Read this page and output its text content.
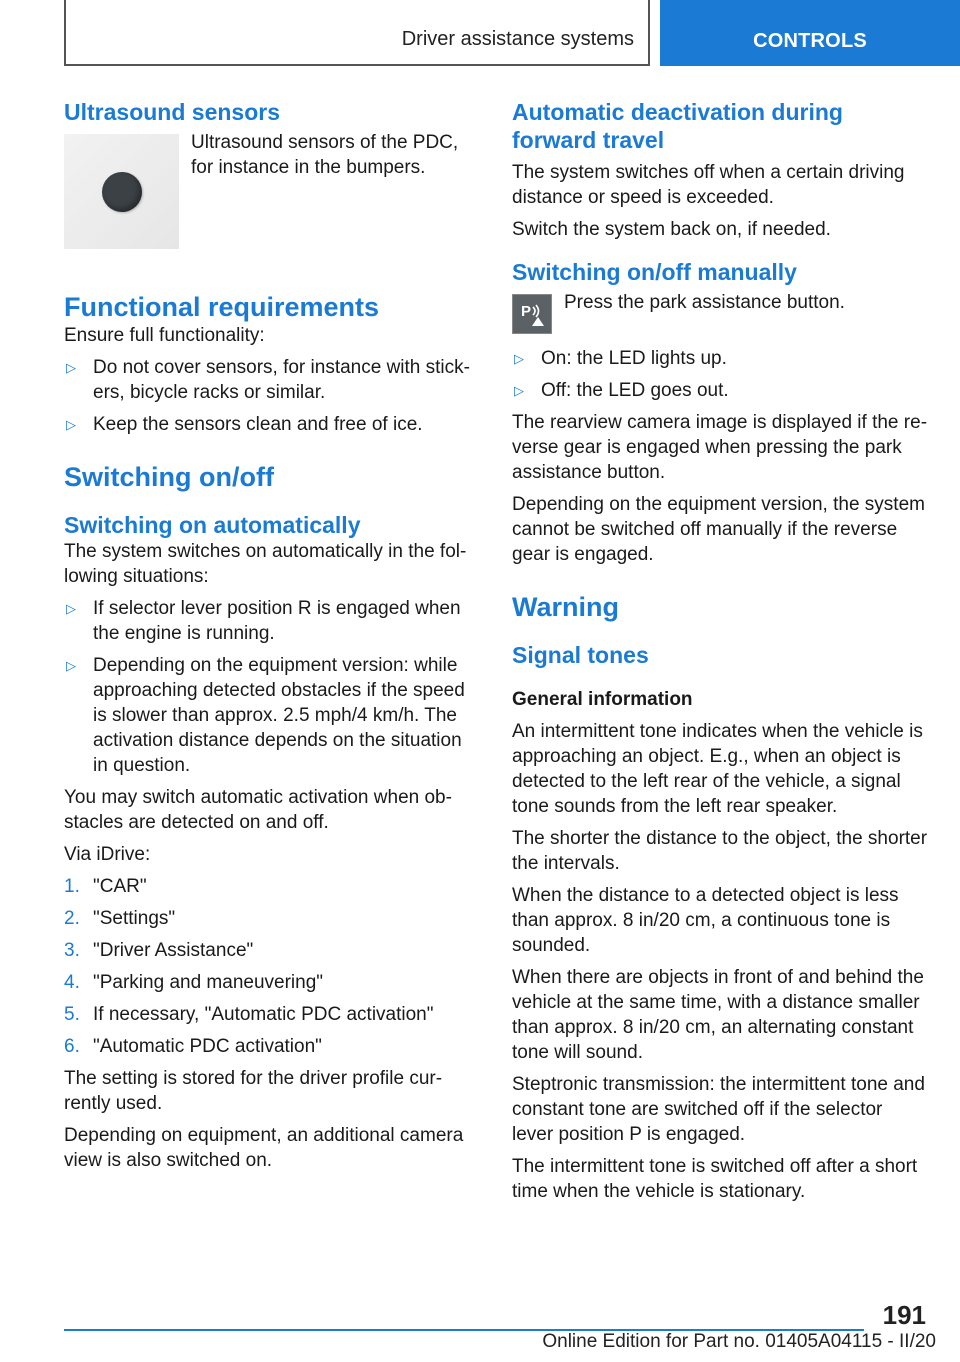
Driver assistance systems	CONTROLS
Ultrasound sensors

Ultrasound sensors of the PDC, for instance in the bumpers.

Functional requirements

Ensure full functionality:

▷ Do not cover sensors, for instance with stickers, bicycle racks or similar.
▷ Keep the sensors clean and free of ice.
Switching on/off
Switching on automatically

The system switches on automatically in the following situations:

▷ If selector lever position R is engaged when the engine is running.
▷ Depending on the equipment version: while approaching detected obstacles if the speed is slower than approx. 2.5 mph/4 km/h. The activation distance depends on the situation in question.

You may switch automatic activation when obstacles are detected on and off.

Via iDrive:

1. "CAR"
2. "Settings"
3. "Driver Assistance"
4. "Parking and maneuvering"
5. If necessary, "Automatic PDC activation"
6. "Automatic PDC activation"

The setting is stored for the driver profile currently used.

Depending on equipment, an additional camera view is also switched on.

Automatic deactivation during forward travel

The system switches off when a certain driving distance or speed is exceeded.

Switch the system back on, if needed.

Switching on/off manually
P Press the park assistance button.

▷ On: the LED lights up.
▷ Off: the LED goes out.

The rearview camera image is displayed if the reverse gear is engaged when pressing the park assistance button.

Depending on the equipment version, the system cannot be switched off manually if the reverse gear is engaged.

Warning
Signal tones
General information

An intermittent tone indicates when the vehicle is approaching an object. E.g., when an object is detected to the left rear of the vehicle, a signal tone sounds from the left rear speaker.

The shorter the distance to the object, the shorter the intervals.

When the distance to a detected object is less than approx. 8 in/20 cm, a continuous tone is sounded.

When there are objects in front of and behind the vehicle at the same time, with a distance smaller than approx. 8 in/20 cm, an alternating constant tone will sound.

Steptronic transmission: the intermittent tone and constant tone are switched off if the selector lever position P is engaged.

The intermittent tone is switched off after a short time when the vehicle is stationary.

191
Online Edition for Part no. 01405A04115 - II/20
